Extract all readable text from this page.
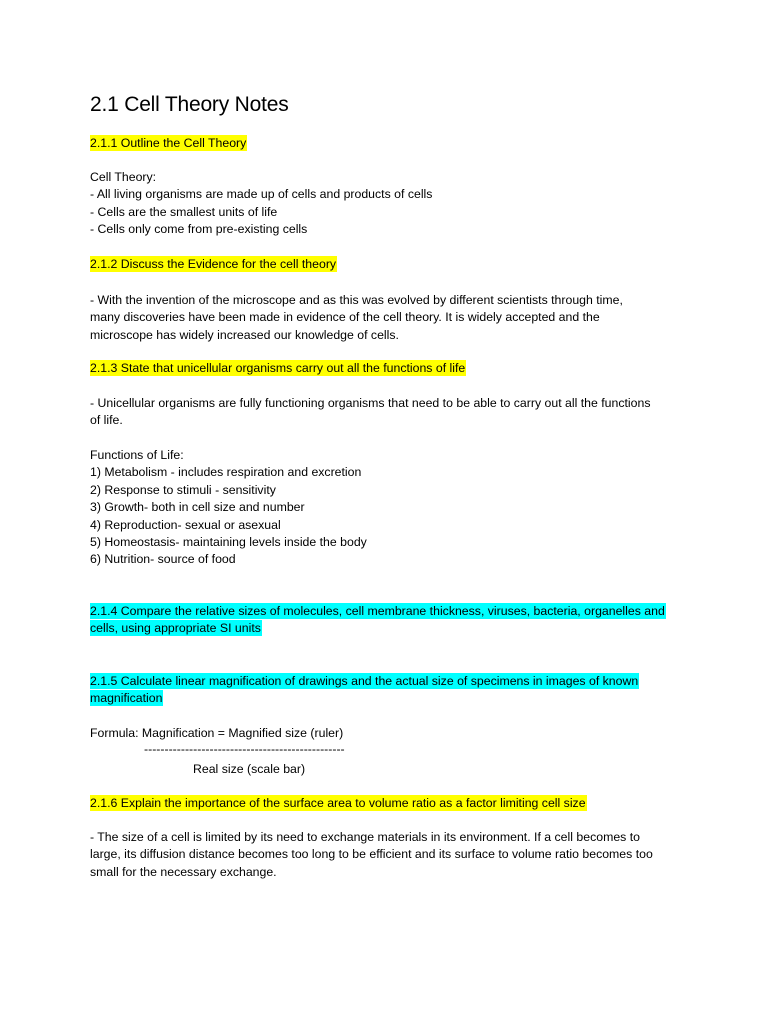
2.1 Cell Theory Notes
2.1.1 Outline the Cell Theory
Cell Theory:
- All living organisms are made up of cells and products of cells
- Cells are the smallest units of life
- Cells only come from pre-existing cells
2.1.2 Discuss the Evidence for the cell theory
- With the invention of the microscope and as this was evolved by different scientists through time,
many discoveries have been made in evidence of the cell theory. It is widely accepted and the
microscope has widely increased our knowledge of cells.
2.1.3 State that unicellular organisms carry out all the functions of life
- Unicellular organisms are fully functioning organisms that need to be able to carry out all the functions
of life.
Functions of Life:
1) Metabolism - includes respiration and excretion
2) Response to stimuli - sensitivity
3) Growth- both in cell size and number
4) Reproduction- sexual or asexual
5) Homeostasis- maintaining levels inside the body
6) Nutrition- source of food
2.1.4 Compare the relative sizes of molecules, cell membrane thickness, viruses, bacteria, organelles and
cells, using appropriate SI units
2.1.5 Calculate linear magnification of drawings and the actual size of specimens in images of known
magnification
Formula: Magnification = Magnified size (ruler)
-------------------------------------------------
Real size (scale bar)
2.1.6 Explain the importance of the surface area to volume ratio as a factor limiting cell size
- The size of a cell is limited by its need to exchange materials in its environment. If a cell becomes to
large, its diffusion distance becomes too long to be efficient and its surface to volume ratio becomes too
small for the necessary exchange.
